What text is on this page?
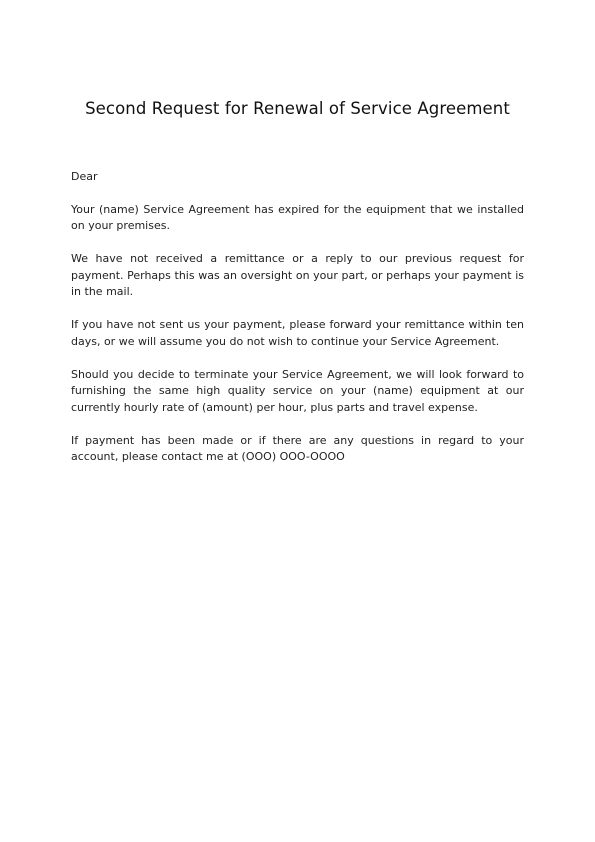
Second Request for Renewal of Service Agreement

Dear

Your (name) Service Agreement has expired for the equipment that we installed on your premises.

We have not received a remittance or a reply to our previous request for payment. Perhaps this was an oversight on your part, or perhaps your payment is in the mail.

If you have not sent us your payment, please forward your remittance within ten days, or we will assume you do not wish to continue your Service Agreement.

Should you decide to terminate your Service Agreement, we will look forward to furnishing the same high quality service on your (name) equipment at our currently hourly rate of (amount) per hour, plus parts and travel expense.

If payment has been made or if there are any questions in regard to your account, please contact me at (OOO) OOO-OOOO
